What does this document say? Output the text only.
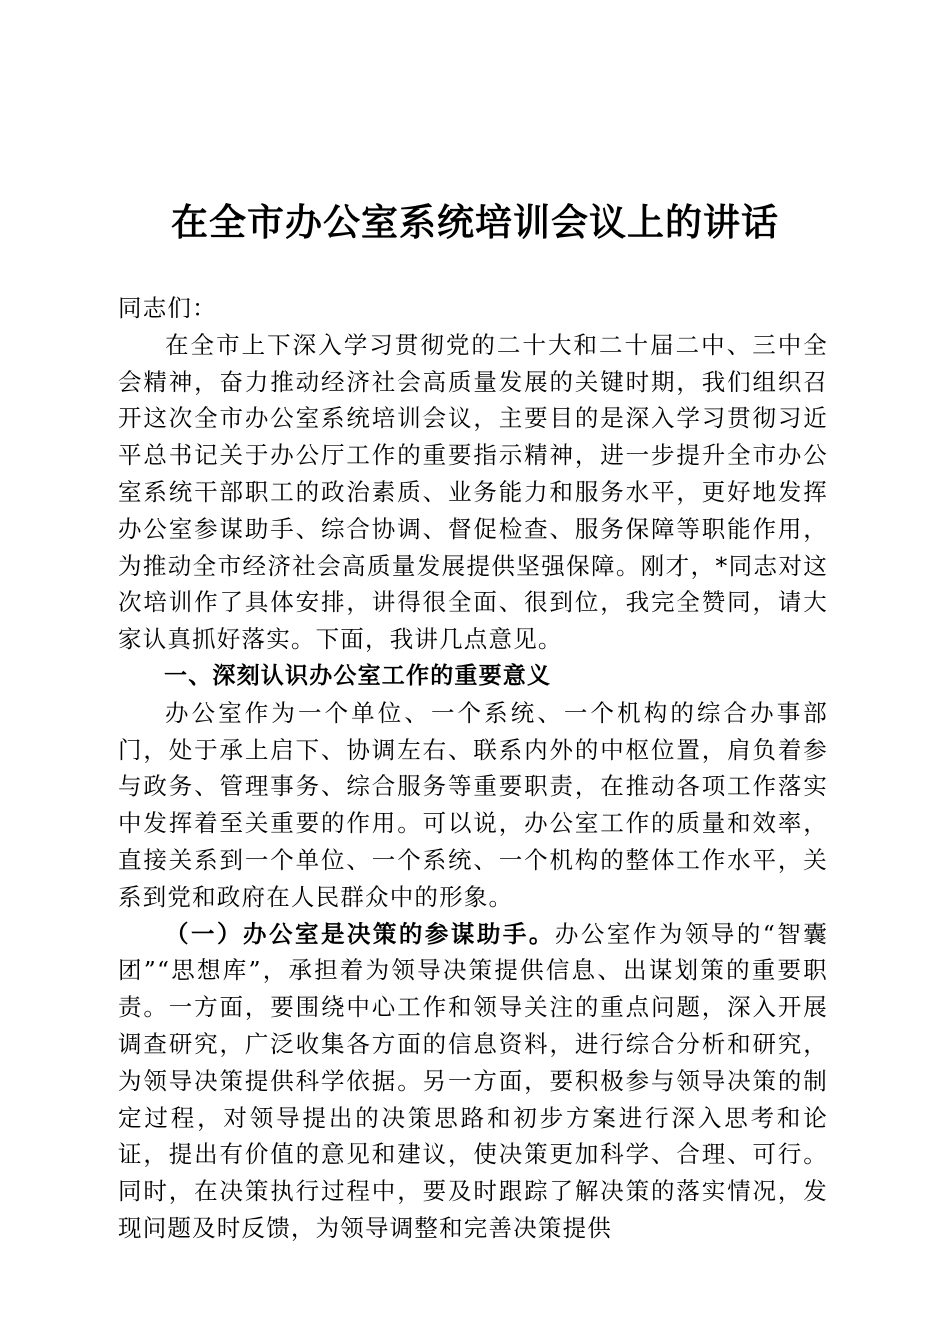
在全市办公室系统培训会议上的讲话

同志们：

在全市上下深入学习贯彻党的二十大和二十届二中、三中全会精神，奋力推动经济社会高质量发展的关键时期，我们组织召开这次全市办公室系统培训会议，主要目的是深入学习贯彻习近平总书记关于办公厅工作的重要指示精神，进一步提升全市办公室系统干部职工的政治素质、业务能力和服务水平，更好地发挥办公室参谋助手、综合协调、督促检查、服务保障等职能作用，为推动全市经济社会高质量发展提供坚强保障。刚才，*同志对这次培训作了具体安排，讲得很全面、很到位，我完全赞同，请大家认真抓好落实。下面，我讲几点意见。

一、深刻认识办公室工作的重要意义

办公室作为一个单位、一个系统、一个机构的综合办事部门，处于承上启下、协调左右、联系内外的中枢位置，肩负着参与政务、管理事务、综合服务等重要职责，在推动各项工作落实中发挥着至关重要的作用。可以说，办公室工作的质量和效率，直接关系到一个单位、一个系统、一个机构的整体工作水平，关系到党和政府在人民群众中的形象。

（一）办公室是决策的参谋助手。办公室作为领导的“智囊团”“思想库”，承担着为领导决策提供信息、出谋划策的重要职责。一方面，要围绕中心工作和领导关注的重点问题，深入开展调查研究，广泛收集各方面的信息资料，进行综合分析和研究，为领导决策提供科学依据。另一方面，要积极参与领导决策的制定过程，对领导提出的决策思路和初步方案进行深入思考和论证，提出有价值的意见和建议，使决策更加科学、合理、可行。同时，在决策执行过程中，要及时跟踪了解决策的落实情况，发现问题及时反馈，为领导调整和完善决策提供
